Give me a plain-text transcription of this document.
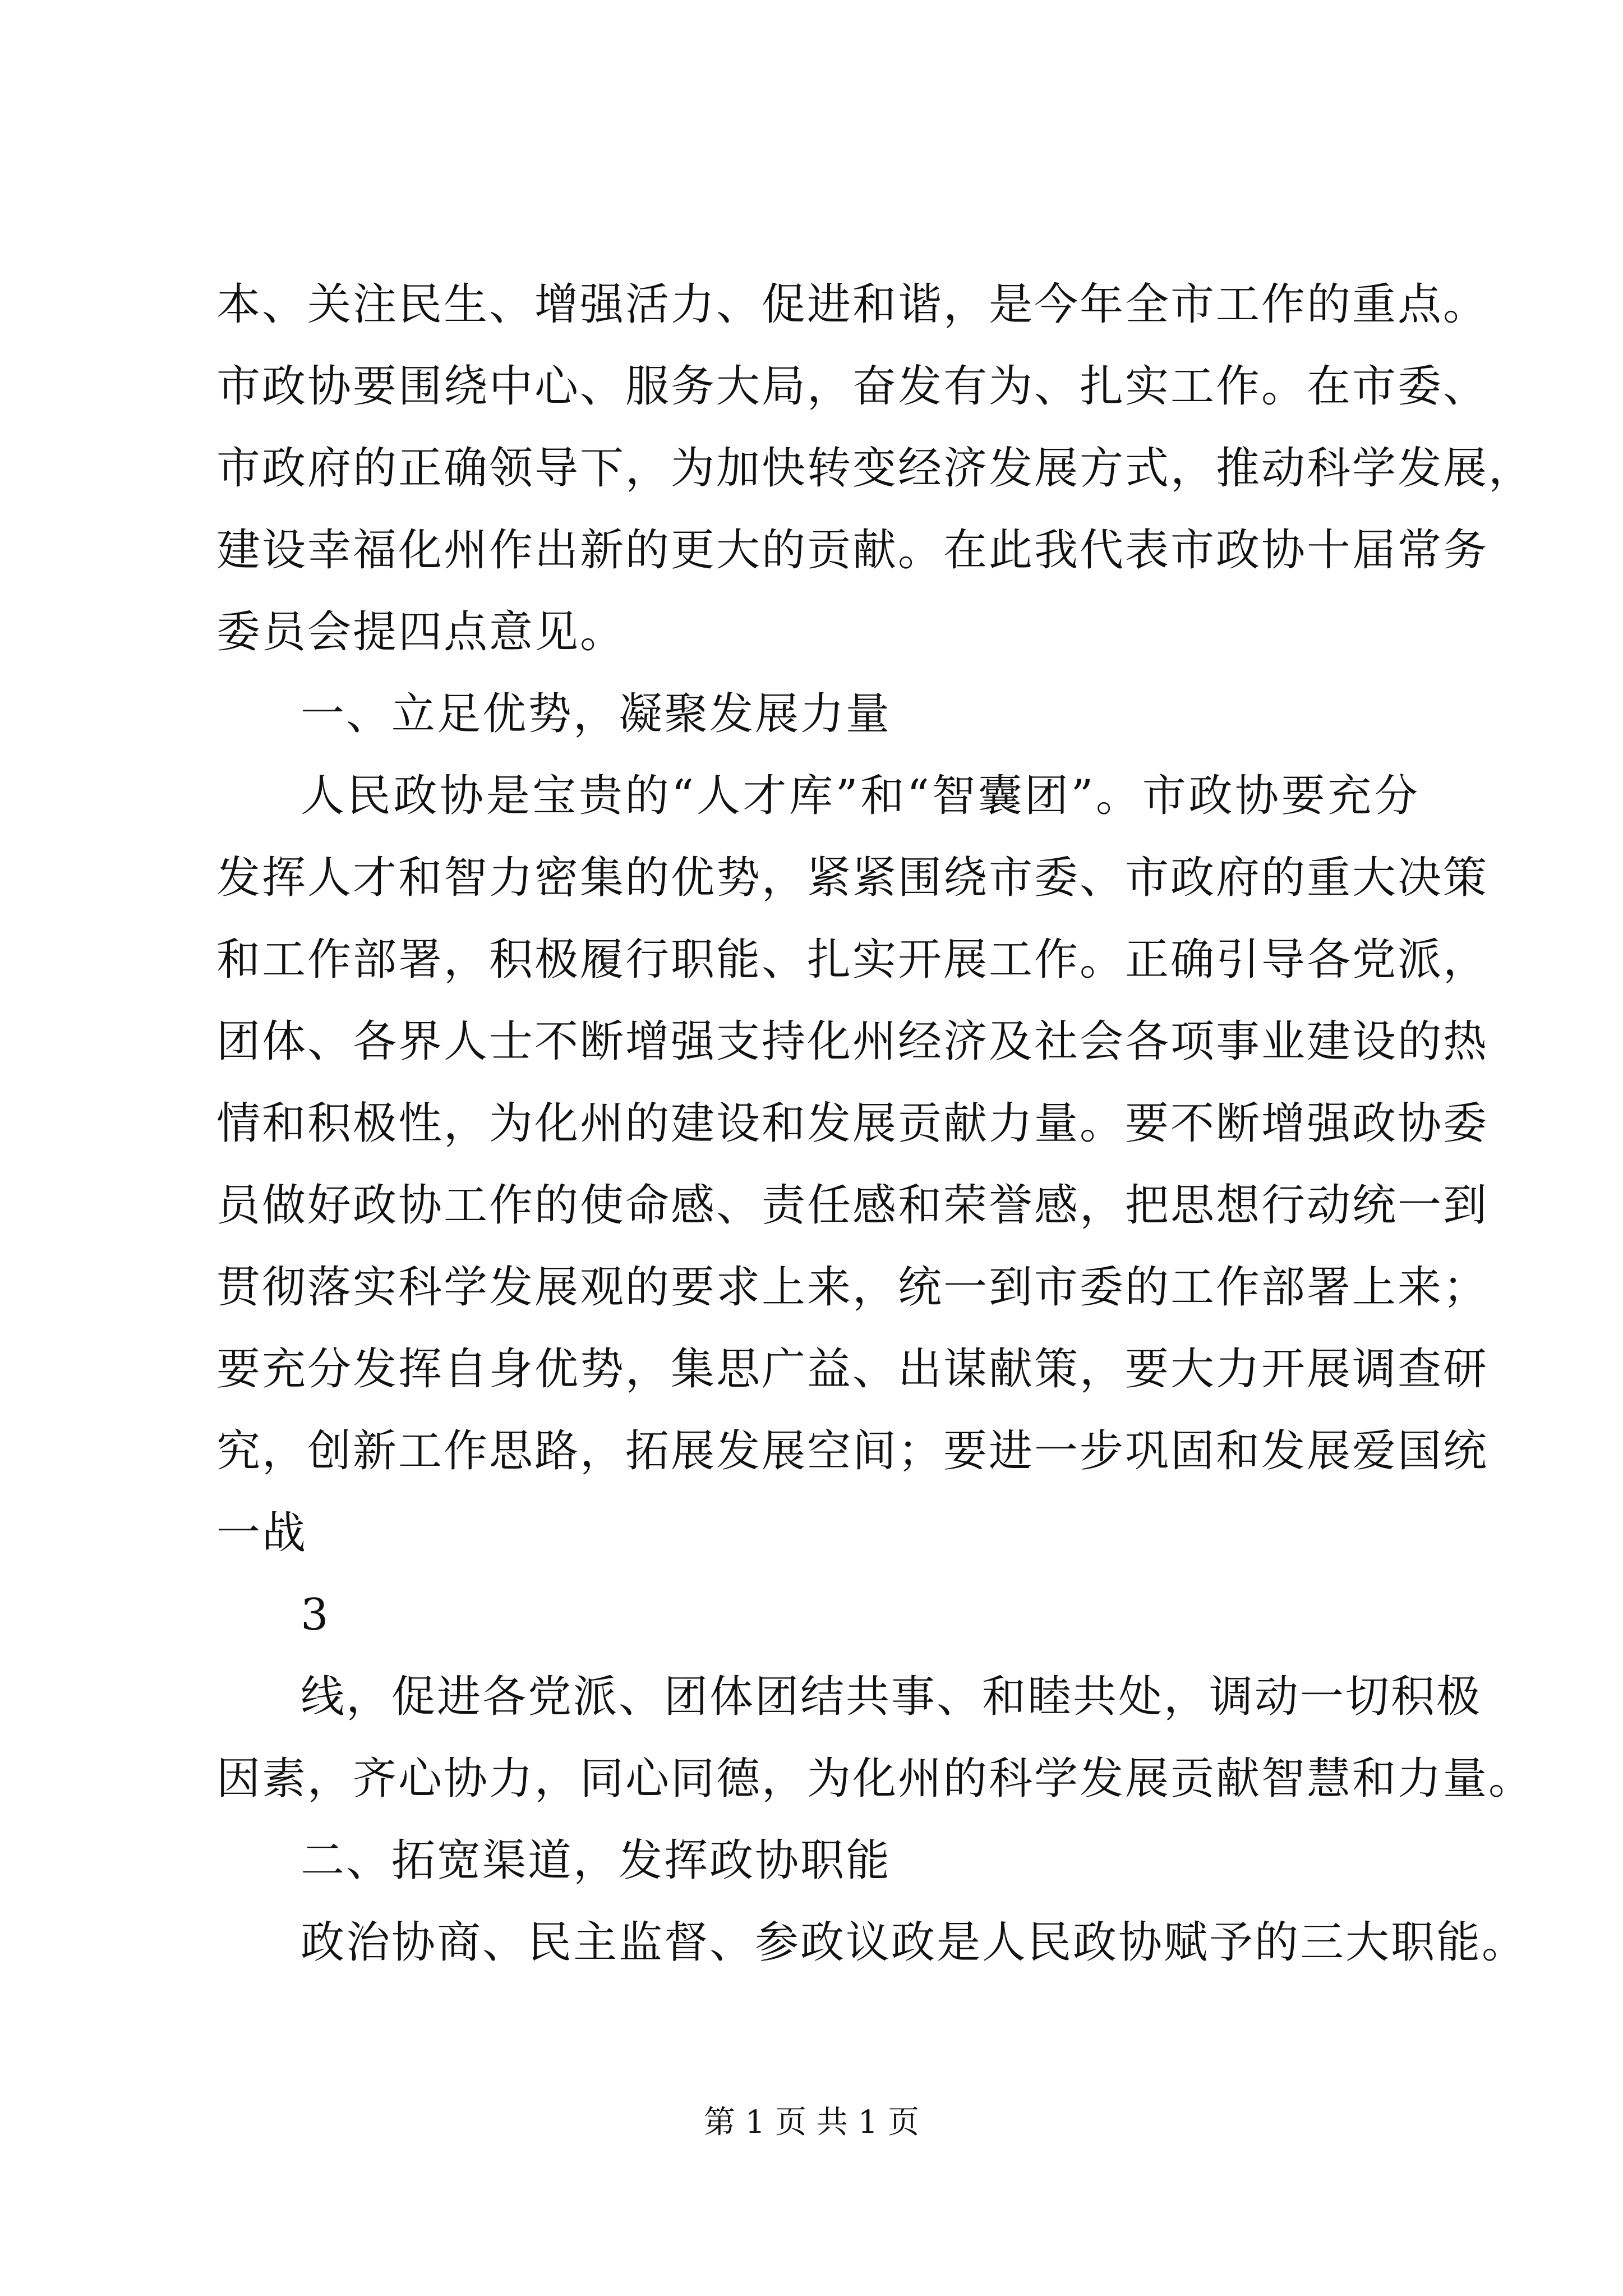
本、关注民生、增强活力、促进和谐，是今年全市工作的重点。
市政协要围绕中心、服务大局，奋发有为、扎实工作。在市委、
市政府的正确领导下，为加快转变经济发展方式，推动科学发展，
建设幸福化州作出新的更大的贡献。在此我代表市政协十届常务
委员会提四点意见。
一、立足优势，凝聚发展力量
人民政协是宝贵的“人才库”和“智囊团”。市政协要充分
发挥人才和智力密集的优势，紧紧围绕市委、市政府的重大决策
和工作部署，积极履行职能、扎实开展工作。正确引导各党派，
团体、各界人士不断增强支持化州经济及社会各项事业建设的热
情和积极性，为化州的建设和发展贡献力量。要不断增强政协委
员做好政协工作的使命感、责任感和荣誉感，把思想行动统一到
贯彻落实科学发展观的要求上来，统一到市委的工作部署上来；
要充分发挥自身优势，集思广益、出谋献策，要大力开展调查研
究，创新工作思路，拓展发展空间；要进一步巩固和发展爱国统
一战
3
线，促进各党派、团体团结共事、和睦共处，调动一切积极
因素，齐心协力，同心同德，为化州的科学发展贡献智慧和力量。
二、拓宽渠道，发挥政协职能
政治协商、民主监督、参政议政是人民政协赋予的三大职能。
第 1 页 共 1 页
